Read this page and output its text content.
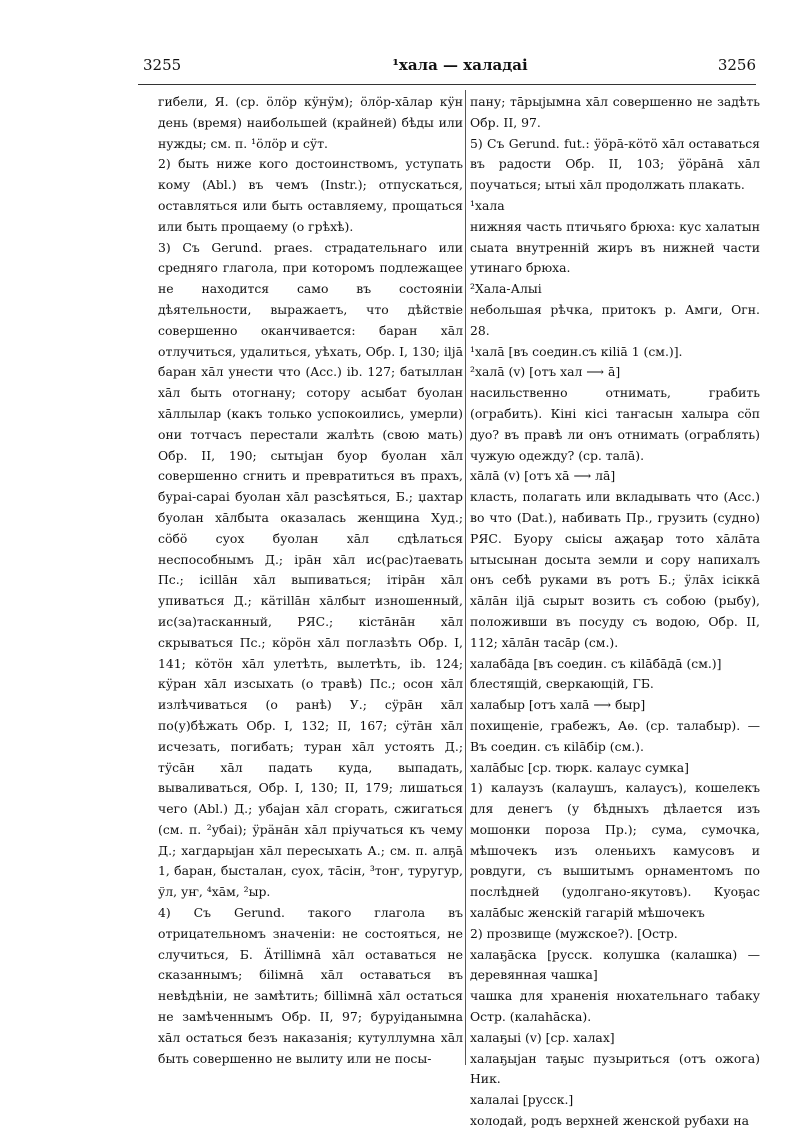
3255	¹хала — халадаі	3256

гибели, Я. (ср. ӧлӧр кӱнӱм); ӧлӧр-хāлар кӱн день (время) наибольшей (крайней) бѣды или нужды; см. п. ¹ӧлӧр и сӱт.

2) быть ниже кого достоинствомъ, уступать кому (Abl.) въ чемъ (Instr.); отпускаться, оставляться или быть оставляему, прощаться или быть прощаему (о грѣхѣ).

3) Съ Gerund. praes. страдательнаго или средняго глагола, при которомъ подлежащее не находится само въ состояніи дѣятельности, выражаетъ, что дѣйствіе совершенно оканчивается: баран хāл отлучиться, удалиться, уѣхать, Обр. I, 130; іlјā баран хāл унести что (Acc.) ib. 127; батыллан хāл быть отогнану; сотору асыбат буолан хāллылар (какъ только успокоились, умерли) они тотчасъ перестали жалѣть (свою мать) Обр. II, 190; сытыјан буор буолан хāл совершенно сгнить и превратиться въ прахъ, бураі-сараі буолан хāл разсѣяться, Б.; џахтар буолан хāлбыта оказалась женщина Худ.; сӧбӧ суох буолан хāл сдѣлаться неспособнымъ Д.; ірāн хāл ис(рас)таевать Пс.; ісіllāн хāл выпиваться; ітірāн хāл упиваться Д.; кӓтіllāн хāлбыт изношенный, ис(за)тасканный, РЯС.; кістāнāн хāл скрываться Пс.; кӧрӧн хāл поглазѣть Обр. I, 141; кӧтӧн хāл улетѣть, вылетѣть, ib. 124; кӱран хāл изсыхать (о травѣ) Пс.; осон хāл излѣчиваться (о ранѣ) У.; сӱрāн хāл по(у)бѣжать Обр. I, 132; II, 167; сӱтāн хāл исчезать, погибать; туран хāл устоять Д.; тӱсāн хāл падать куда, выпадать, вываливаться, Обр. I, 130; II, 179; лишаться чего (Abl.) Д.; убајан хāл сгорать, сжигаться (см. п. ²убаі); ӱрӓнāн хāл пріучаться къ чему Д.; хагдарыјан хāл пересыхать А.; см. п. алҕā 1, баран, бысталан, суох, тāсін, ³тоҥ, туругур, ўл, уҥ, ⁴хāм, ²ыр.

4) Съ Gerund. такого глагола въ отрицательномъ значеніи: не состояться, не случиться, Б. Ӓтіllімнā хāл оставаться не сказаннымъ; біlімнā хāл оставаться въ невѣдѣніи, не замѣтить; біllімнā хāл остаться не замѣченнымъ Обр. II, 97; буруіданымна хāл остаться безъ наказанія; кутуллумна хāл быть совершенно не вылиту или не посы-

пану; тāрыјымна хāл совершенно не задѣть Обр. II, 97.

5) Съ Gerund. fut.: ӱӧрā-кӧтӧ хāл оставаться въ радости Обр. II, 103; ӱӧрāнā хāл поучаться; ытыі хāл продолжать плакать.

¹хала

нижняя часть птичьяго брюха: кус халатын сыата внутренній жиръ въ нижней части утинаго брюха.

²Хала-Алыі

небольшая рѣчка, притокъ р. Амги, Огн. 28.

¹халā [въ соедин.съ кіlіā 1 (см.)].

²халā (v) [отъ хал ⟶ ā]

насильственно отнимать, грабить (ограбить). Кіні кісі таҥасын халыра сӧп дуо? въ правѣ ли онъ отнимать (ограблять) чужую одежду? (ср. талā).

хāлā (v) [отъ хā ⟶ лā]

класть, полагать или вкладывать что (Acc.) во что (Dat.), набивать Пр., грузить (судно) РЯС. Буору сыісы аҗаҕар тото хāлāта ытысынан досыта земли и сору напихалъ онъ себѣ руками въ ротъ Б.; ӱлāх ісіккā хāлāн іlјā сырыт возить съ собою (рыбу), положивши въ посуду съ водою, Обр. II, 112; хāлāн тасāр (см.).

халабāда [въ соедин. съ кіlāбāдā (см.)]

блестящій, сверкающій, ГБ.

халабыр [отъ халā ⟶ быр]

похищеніе, грабежъ, Аѳ. (ср. талабыр). — Въ соедин. съ кіlāбір (см.).

халāбыс [ср. тюрк. калаус сумка]

1) калаузъ (калаушъ, калаусъ), кошелекъ для денегъ (у бѣдныхъ дѣлается изъ мошонки пороза Пр.); сума, сумочка, мѣшочекъ изъ оленьихъ камусовъ и ровдуги, съ вышитымъ орнаментомъ по послѣдней (удолгано-якутовъ). Куоҕас халāбыс женскій гагарій мѣшочекъ

2) прозвище (мужское?). [Остр.

халаҕāска [русск. колушка (калашка) — деревянная чашка]

чашка для храненія нюхательнаго табаку Остр. (калаhāска).

халаҕыі (v) [ср. халах]

халаҕыјан таҕыс пузыриться (отъ ожога) Ник.

халалаі [русск.]

холодай, родъ верхней женской рубахи на
